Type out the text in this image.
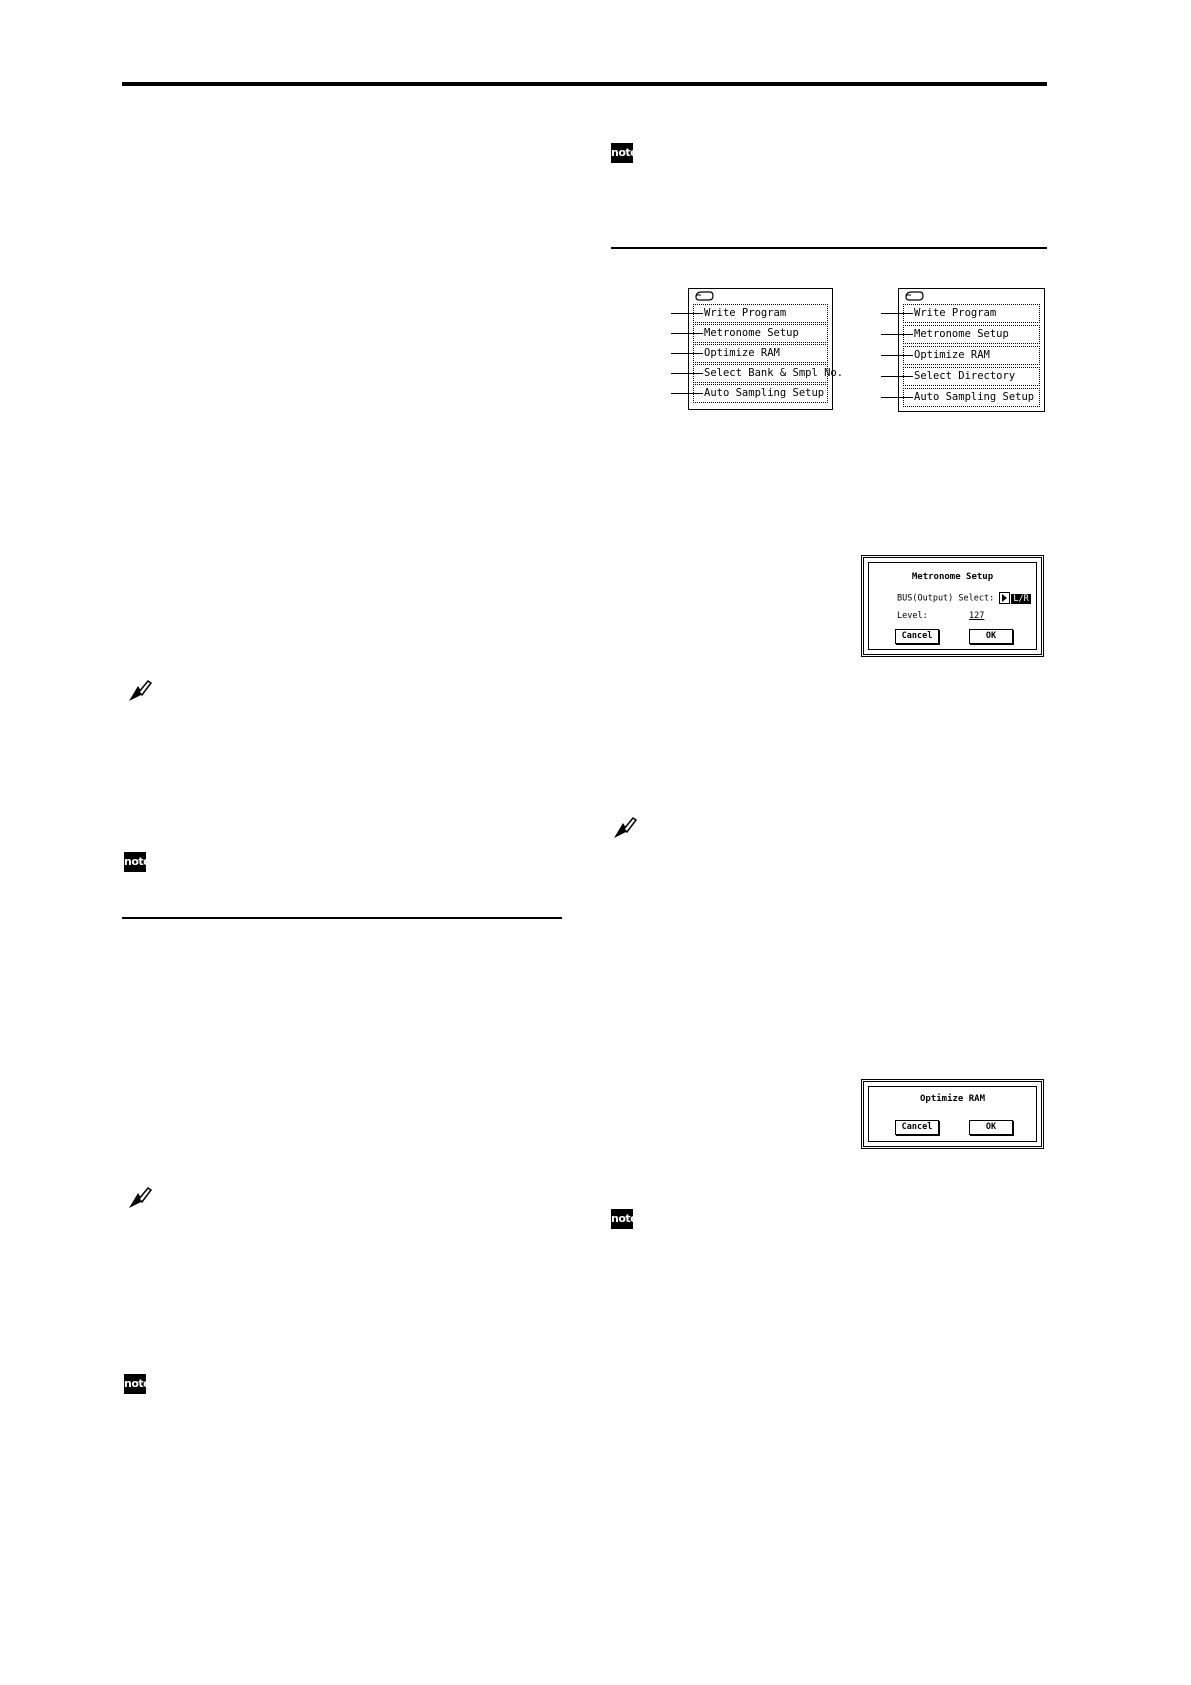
note
Write Program
Metronome Setup
Optimize RAM
Select Bank & Smpl No.
Auto Sampling Setup
Write Program
Metronome Setup
Optimize RAM
Select Directory
Auto Sampling Setup
Metronome Setup
BUS(Output) Select: L/R
Level:	127
Cancel	OK
note
note
Optimize RAM
Cancel	OK
note
